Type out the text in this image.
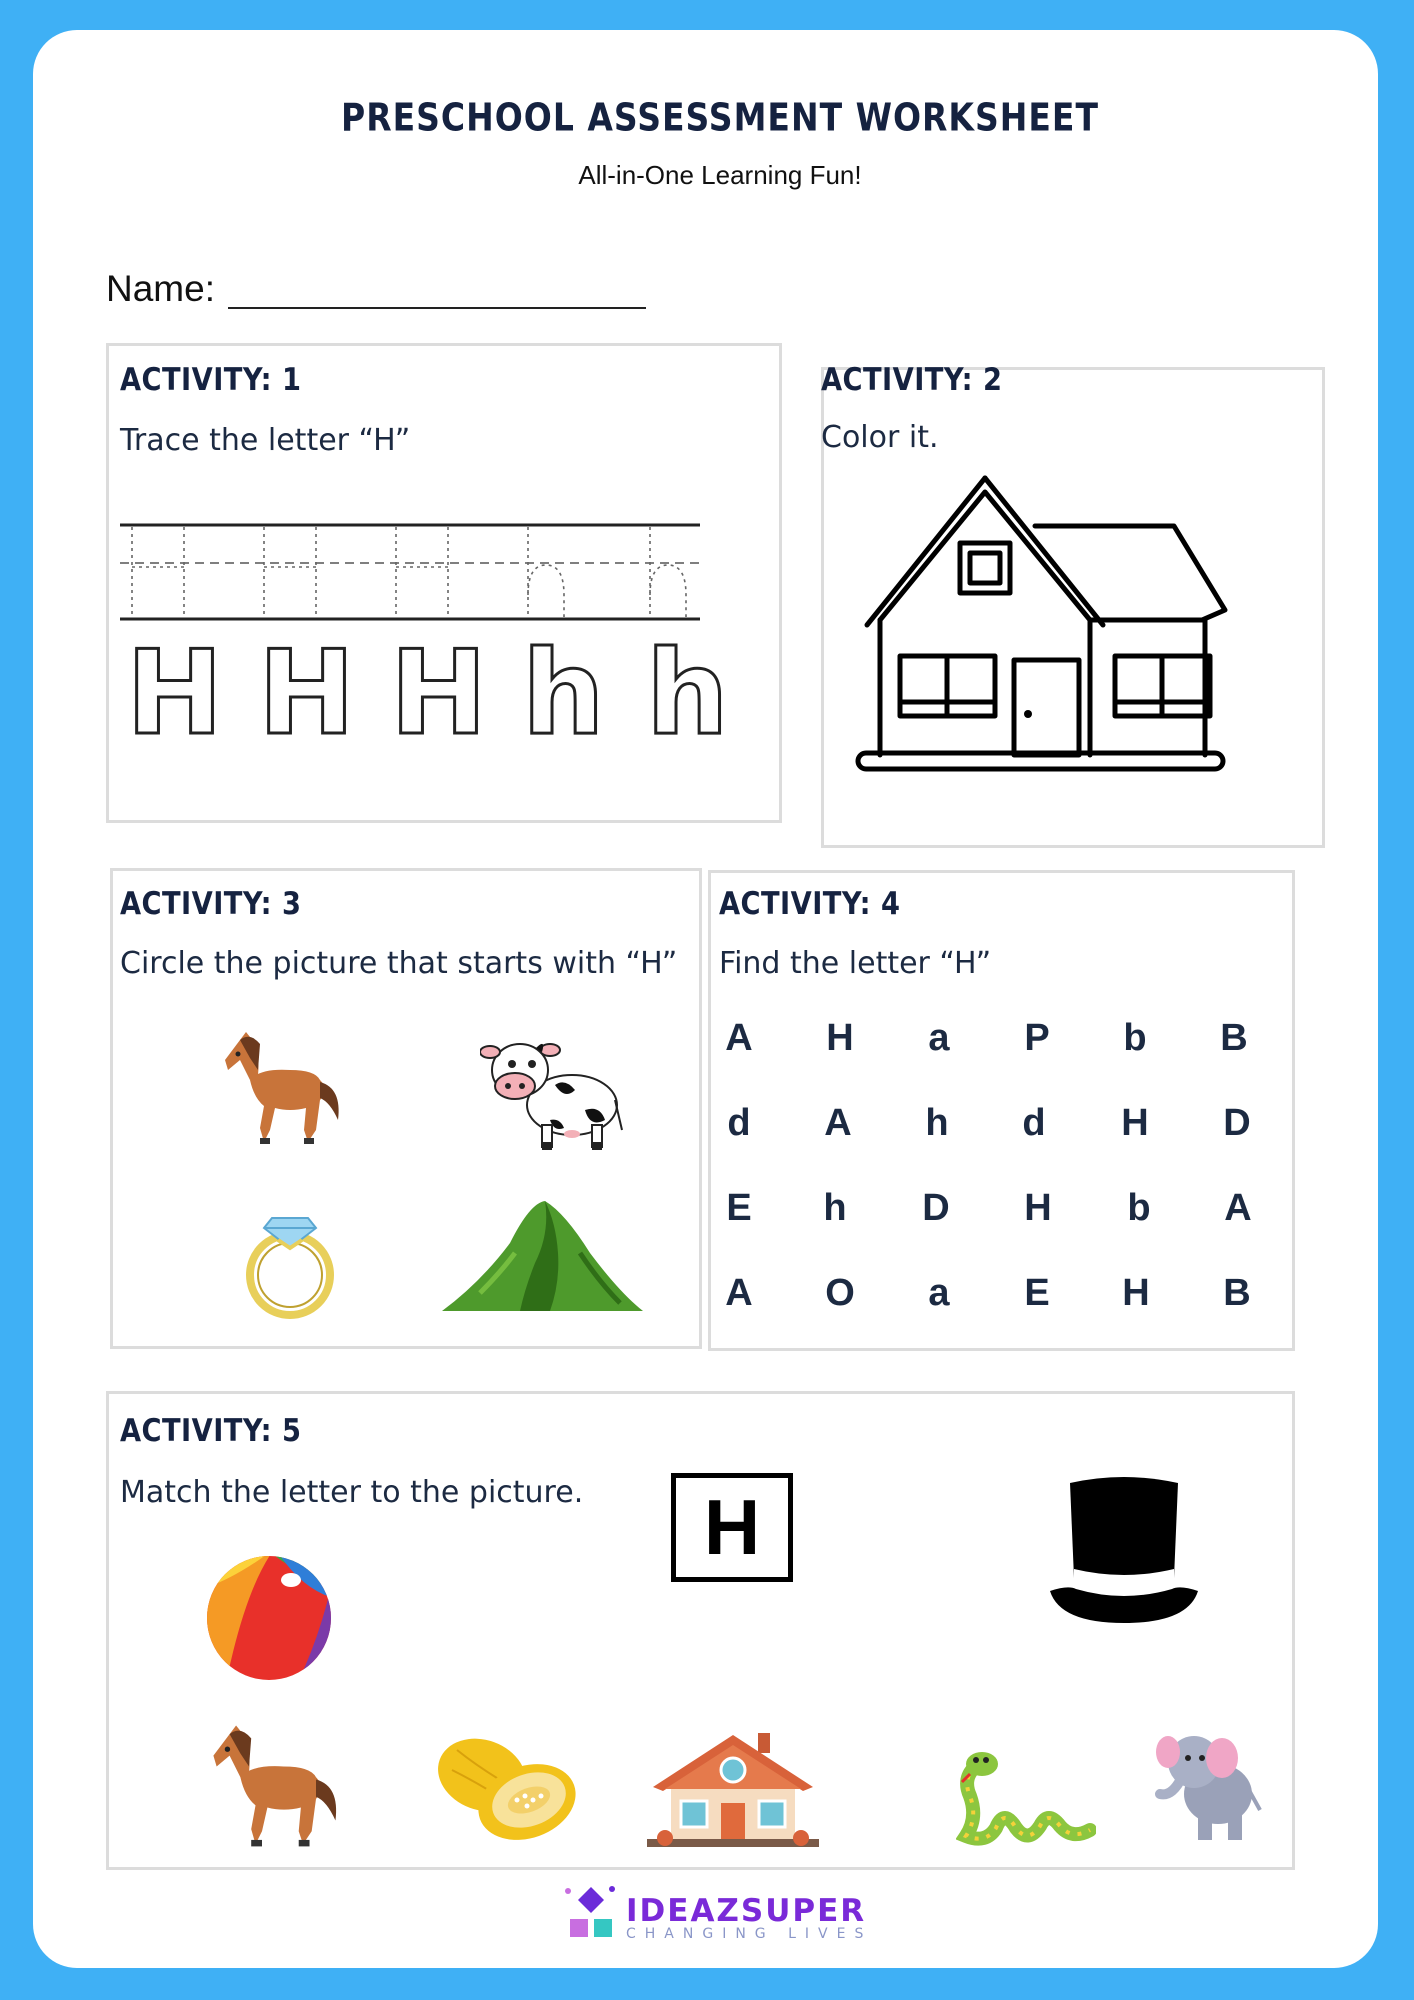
PRESCHOOL ASSESSMENT WORKSHEET
All-in-One Learning Fun!
Name:
ACTIVITY: 1
Trace the letter “H”
H H H h h
ACTIVITY: 2
Color it.
ACTIVITY: 3
Circle the picture that starts with “H”
ACTIVITY: 4
Find the letter “H”
A	H	a	P	b	B
d	A	h	d	H	D
E	h	D	H	b	A
A	O	a	E	H	B
ACTIVITY: 5
Match the letter to the picture.	H
IDEAZSUPER
CHANGING LIVES
